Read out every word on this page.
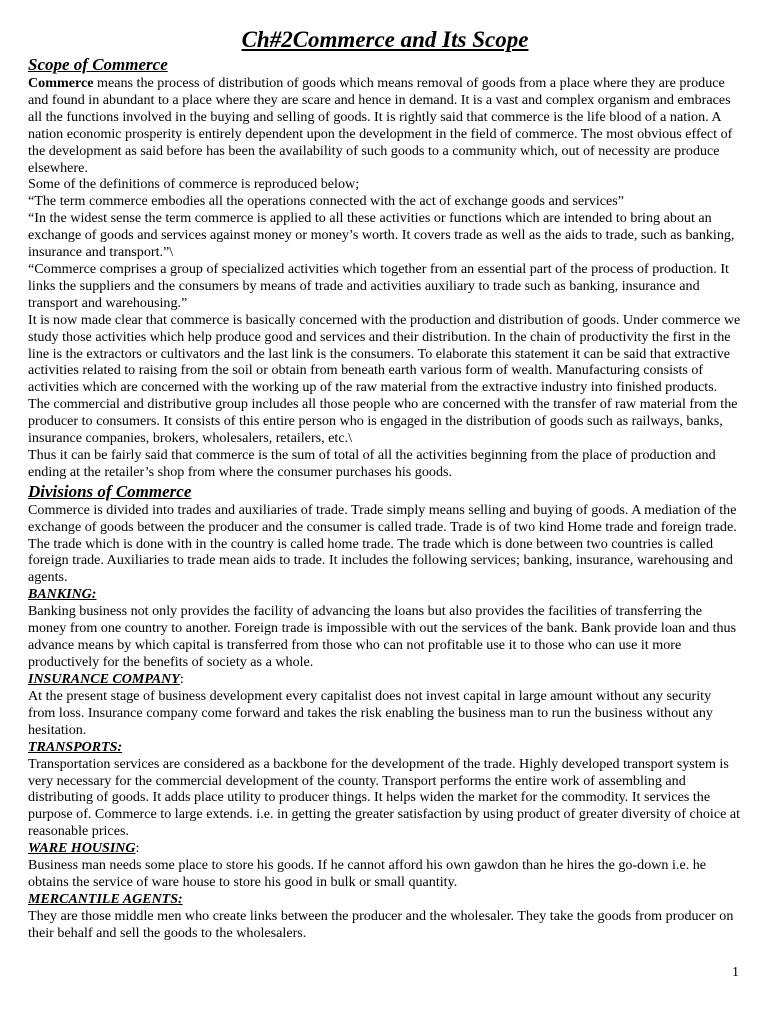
Ch#2Commerce and Its Scope
Scope of Commerce

Commerce means the process of distribution of goods which means removal of goods from a place where they are produce and found in abundant to a place where they are scare and hence in demand. It is a vast and complex organism and embraces all the functions involved in the buying and selling of goods. It is rightly said that commerce is the life blood of a nation. A nation economic prosperity is entirely dependent upon the development in the field of commerce. The most obvious effect of the development as said before has been the availability of such goods to a community which, out of necessity are produce elsewhere.

Some of the definitions of commerce is reproduced below;

“The term commerce embodies all the operations connected with the act of exchange goods and services”

“In the widest sense the term commerce is applied to all these activities or functions which are intended to bring about an exchange of goods and services against money or money’s worth. It covers trade as well as the aids to trade, such as banking, insurance and transport.”\

“Commerce comprises a group of specialized activities which together from an essential part of the process of production. It links the suppliers and the consumers by means of trade and activities auxiliary to trade such as banking, insurance and transport and warehousing.”

It is now made clear that commerce is basically concerned with the production and distribution of goods. Under commerce we study those activities which help produce good and services and their distribution. In the chain of productivity the first in the line is the extractors or cultivators and the last link is the consumers. To elaborate this statement it can be said that extractive activities related to raising from the soil or obtain from beneath earth various form of wealth. Manufacturing consists of activities which are concerned with the working up of the raw material from the extractive industry into finished products. The commercial and distributive group includes all those people who are concerned with the transfer of raw material from the producer to consumers. It consists of this entire person who is engaged in the distribution of goods such as railways, banks, insurance companies, brokers, wholesalers, retailers, etc.\

Thus it can be fairly said that commerce is the sum of total of all the activities beginning from the place of production and ending at the retailer’s shop from where the consumer purchases his goods.

Divisions of Commerce

Commerce is divided into trades and auxiliaries of trade. Trade simply means selling and buying of goods. A mediation of the exchange of goods between the producer and the consumer is called trade. Trade is of two kind Home trade and foreign trade. The trade which is done with in the country is called home trade. The trade which is done between two countries is called foreign trade. Auxiliaries to trade mean aids to trade. It includes the following services; banking, insurance, warehousing and agents.

BANKING:

Banking business not only provides the facility of advancing the loans but also provides the facilities of transferring the money from one country to another. Foreign trade is impossible with out the services of the bank. Bank provide loan and thus advance means by which capital is transferred from those who can not profitable use it to those who can use it more productively for the benefits of society as a whole.

INSURANCE COMPANY:

At the present stage of business development every capitalist does not invest capital in large amount without any security from loss. Insurance company come forward and takes the risk enabling the business man to run the business without any hesitation.

TRANSPORTS:

Transportation services are considered as a backbone for the development of the trade. Highly developed transport system is very necessary for the commercial development of the county. Transport performs the entire work of assembling and distributing of goods. It adds place utility to producer things. It helps widen the market for the commodity. It services the purpose of. Commerce to large extends. i.e. in getting the greater satisfaction by using product of greater diversity of choice at reasonable prices.

WARE HOUSING:

Business man needs some place to store his goods. If he cannot afford his own gawdon than he hires the go-down i.e. he obtains the service of ware house to store his good in bulk or small quantity.

MERCANTILE AGENTS:

They are those middle men who create links between the producer and the wholesaler. They take the goods from producer on their behalf and sell the goods to the wholesalers.

1
